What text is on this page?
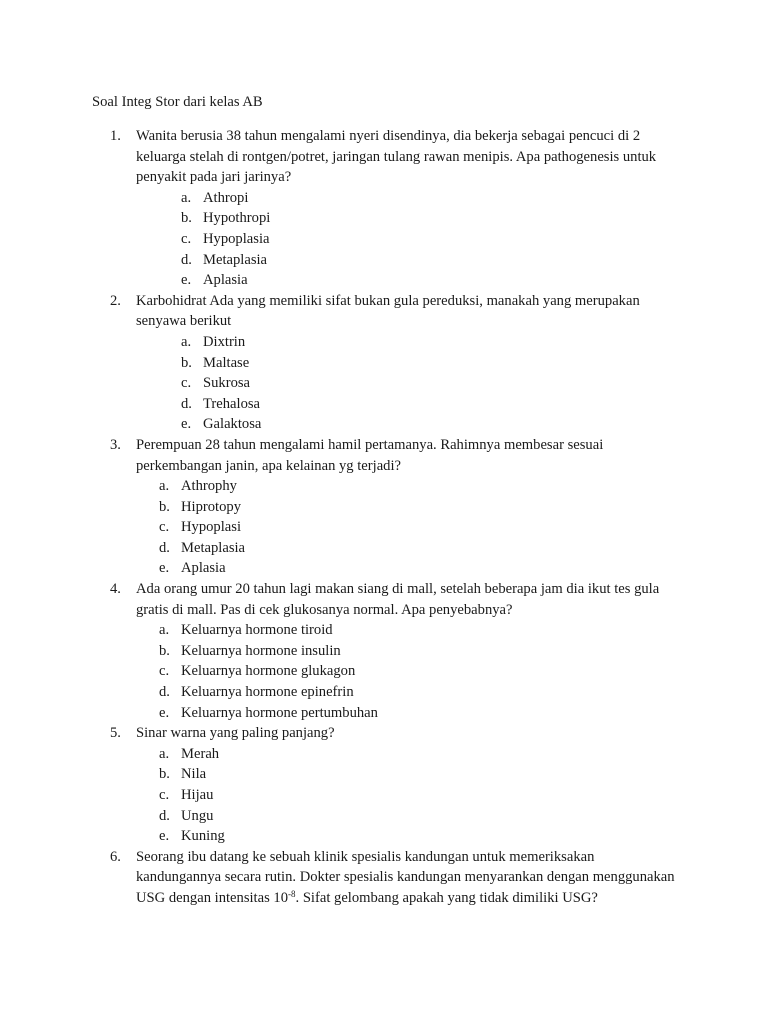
Soal Integ Stor dari kelas AB
1. Wanita berusia 38 tahun mengalami nyeri disendinya, dia bekerja sebagai pencuci di 2 keluarga stelah di rontgen/potret, jaringan tulang rawan menipis. Apa pathogenesis untuk penyakit pada jari jarinya?
a. Athropi
b. Hypothropi
c. Hypoplasia
d. Metaplasia
e. Aplasia
2. Karbohidrat Ada yang memiliki sifat bukan gula pereduksi, manakah yang merupakan senyawa berikut
a. Dixtrin
b. Maltase
c. Sukrosa
d. Trehalosa
e. Galaktosa
3. Perempuan 28 tahun mengalami hamil pertamanya. Rahimnya membesar sesuai perkembangan janin, apa kelainan yg terjadi?
a. Athrophy
b. Hiprotopy
c. Hypoplasi
d. Metaplasia
e. Aplasia
4. Ada orang umur 20 tahun lagi makan siang di mall, setelah beberapa jam dia ikut tes gula gratis di mall. Pas di cek glukosanya normal. Apa penyebabnya?
a. Keluarnya hormone tiroid
b. Keluarnya hormone insulin
c. Keluarnya hormone glukagon
d. Keluarnya hormone epinefrin
e. Keluarnya hormone pertumbuhan
5. Sinar warna yang paling panjang?
a. Merah
b. Nila
c. Hijau
d. Ungu
e. Kuning
6. Seorang ibu datang ke sebuah klinik spesialis kandungan untuk memeriksakan kandungannya secara rutin. Dokter spesialis kandungan menyarankan dengan menggunakan USG dengan intensitas $10^{-8}$. Sifat gelombang apakah yang tidak dimiliki USG?
